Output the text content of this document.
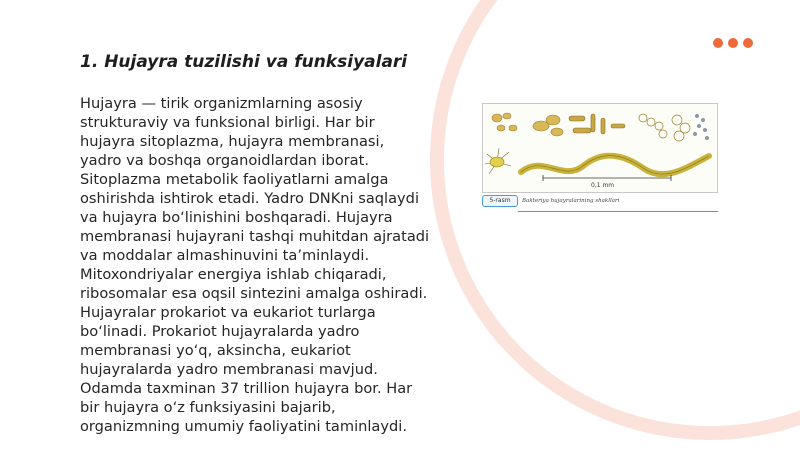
1. Hujayra tuzilishi va funksiyalari

Hujayra — tirik organizmlarning asosiy strukturaviy va funksional birligi. Har bir hujayra sitoplazma, hujayra membranasi, yadro va boshqa organoidlardan iborat. Sitoplazma metabolik faoliyatlarni amalga oshirishda ishtirok etadi. Yadro DNKni saqlaydi va hujayra bo‘linishini boshqaradi. Hujayra membranasi hujayrani tashqi muhitdan ajratadi va moddalar almashinuvini ta’minlaydi. Mitoxondriyalar energiya ishlab chiqaradi, ribosomalar esa oqsil sintezini amalga oshiradi. Hujayralar prokariot va eukariot turlarga bo‘linadi. Prokariot hujayralarda yadro membranasi yo‘q, aksincha, eukariot hujayralarda yadro membranasi mavjud. Odamda taxminan 37 trillion hujayra bor. Har bir hujayra o‘z funksiyasini bajarib, organizmning umumiy faoliyatini taminlaydi.

0,1 mm
5-rasm	Bakteriya hujayralarining shakllari
